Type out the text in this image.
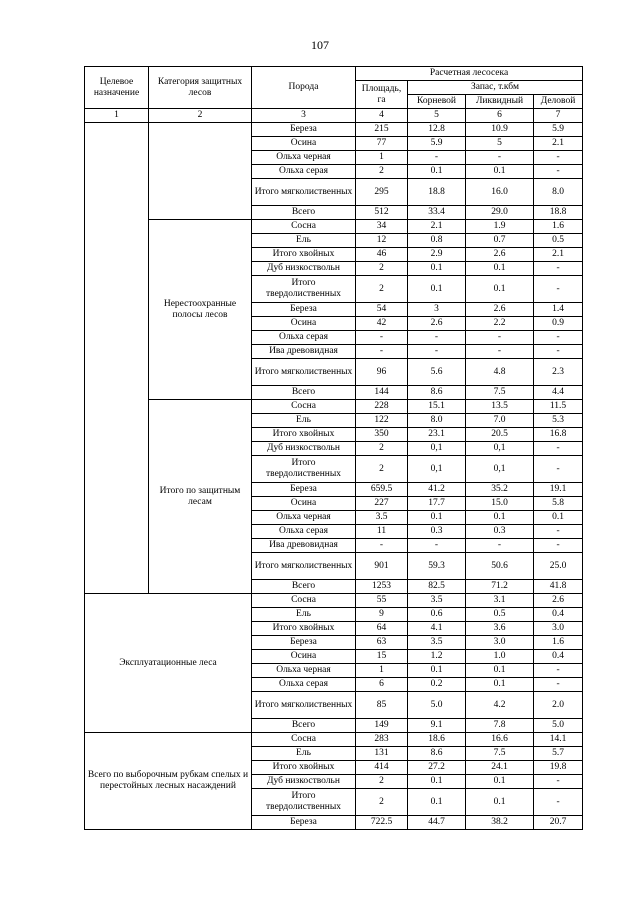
107
Целевое назначение	Категория защитных лесов	Порода	Расчетная лесосека			
			Площадь, га	Запас, т.кбм		
				Корневой	Ликвидный	Деловой
1	2	3	4	5	6	7
		Береза	215	12.8	10.9	5.9
		Осина	77	5.9	5	2.1
		Ольха черная	1	-	-	-
		Ольха серая	2	0.1	0.1	-
		Итого мягколиственных	295	18.8	16.0	8.0
		Всего	512	33.4	29.0	18.8
	Нерестоохранные полосы лесов	Сосна	34	2.1	1.9	1.6
		Ель	12	0.8	0.7	0.5
		Итого хвойных	46	2.9	2.6	2.1
		Дуб низкоствольн	2	0.1	0.1	-
		Итого твердолиственных	2	0.1	0.1	-
		Береза	54	3	2.6	1.4
		Осина	42	2.6	2.2	0.9
		Ольха серая	-	-	-	-
		Ива древовидная	-	-	-	-
		Итого мягколиственных	96	5.6	4.8	2.3
		Всего	144	8.6	7.5	4.4
	Итого по защитным лесам	Сосна	228	15.1	13.5	11.5
		Ель	122	8.0	7.0	5.3
		Итого хвойных	350	23.1	20.5	16.8
		Дуб низкоствольн	2	0,1	0,1	-
		Итого твердолиственных	2	0,1	0,1	-
		Береза	659.5	41.2	35.2	19.1
		Осина	227	17.7	15.0	5.8
		Ольха черная	3.5	0.1	0.1	0.1
		Ольха серая	11	0.3	0.3	-
		Ива древовидная	-	-	-	-
		Итого мягколиственных	901	59.3	50.6	25.0
		Всего	1253	82.5	71.2	41.8
Эксплуатационные леса		Сосна	55	3.5	3.1	2.6
		Ель	9	0.6	0.5	0.4
		Итого хвойных	64	4.1	3.6	3.0
		Береза	63	3.5	3.0	1.6
		Осина	15	1.2	1.0	0.4
		Ольха черная	1	0.1	0.1	-
		Ольха серая	6	0.2	0.1	-
		Итого мягколиственных	85	5.0	4.2	2.0
		Всего	149	9.1	7.8	5.0
Всего по выборочным рубкам спелых и перестойных лесных насаждений		Сосна	283	18.6	16.6	14.1
		Ель	131	8.6	7.5	5.7
		Итого хвойных	414	27.2	24.1	19.8
		Дуб низкоствольн	2	0.1	0.1	-
		Итого твердолиственных	2	0.1	0.1	-
		Береза	722.5	44.7	38.2	20.7
